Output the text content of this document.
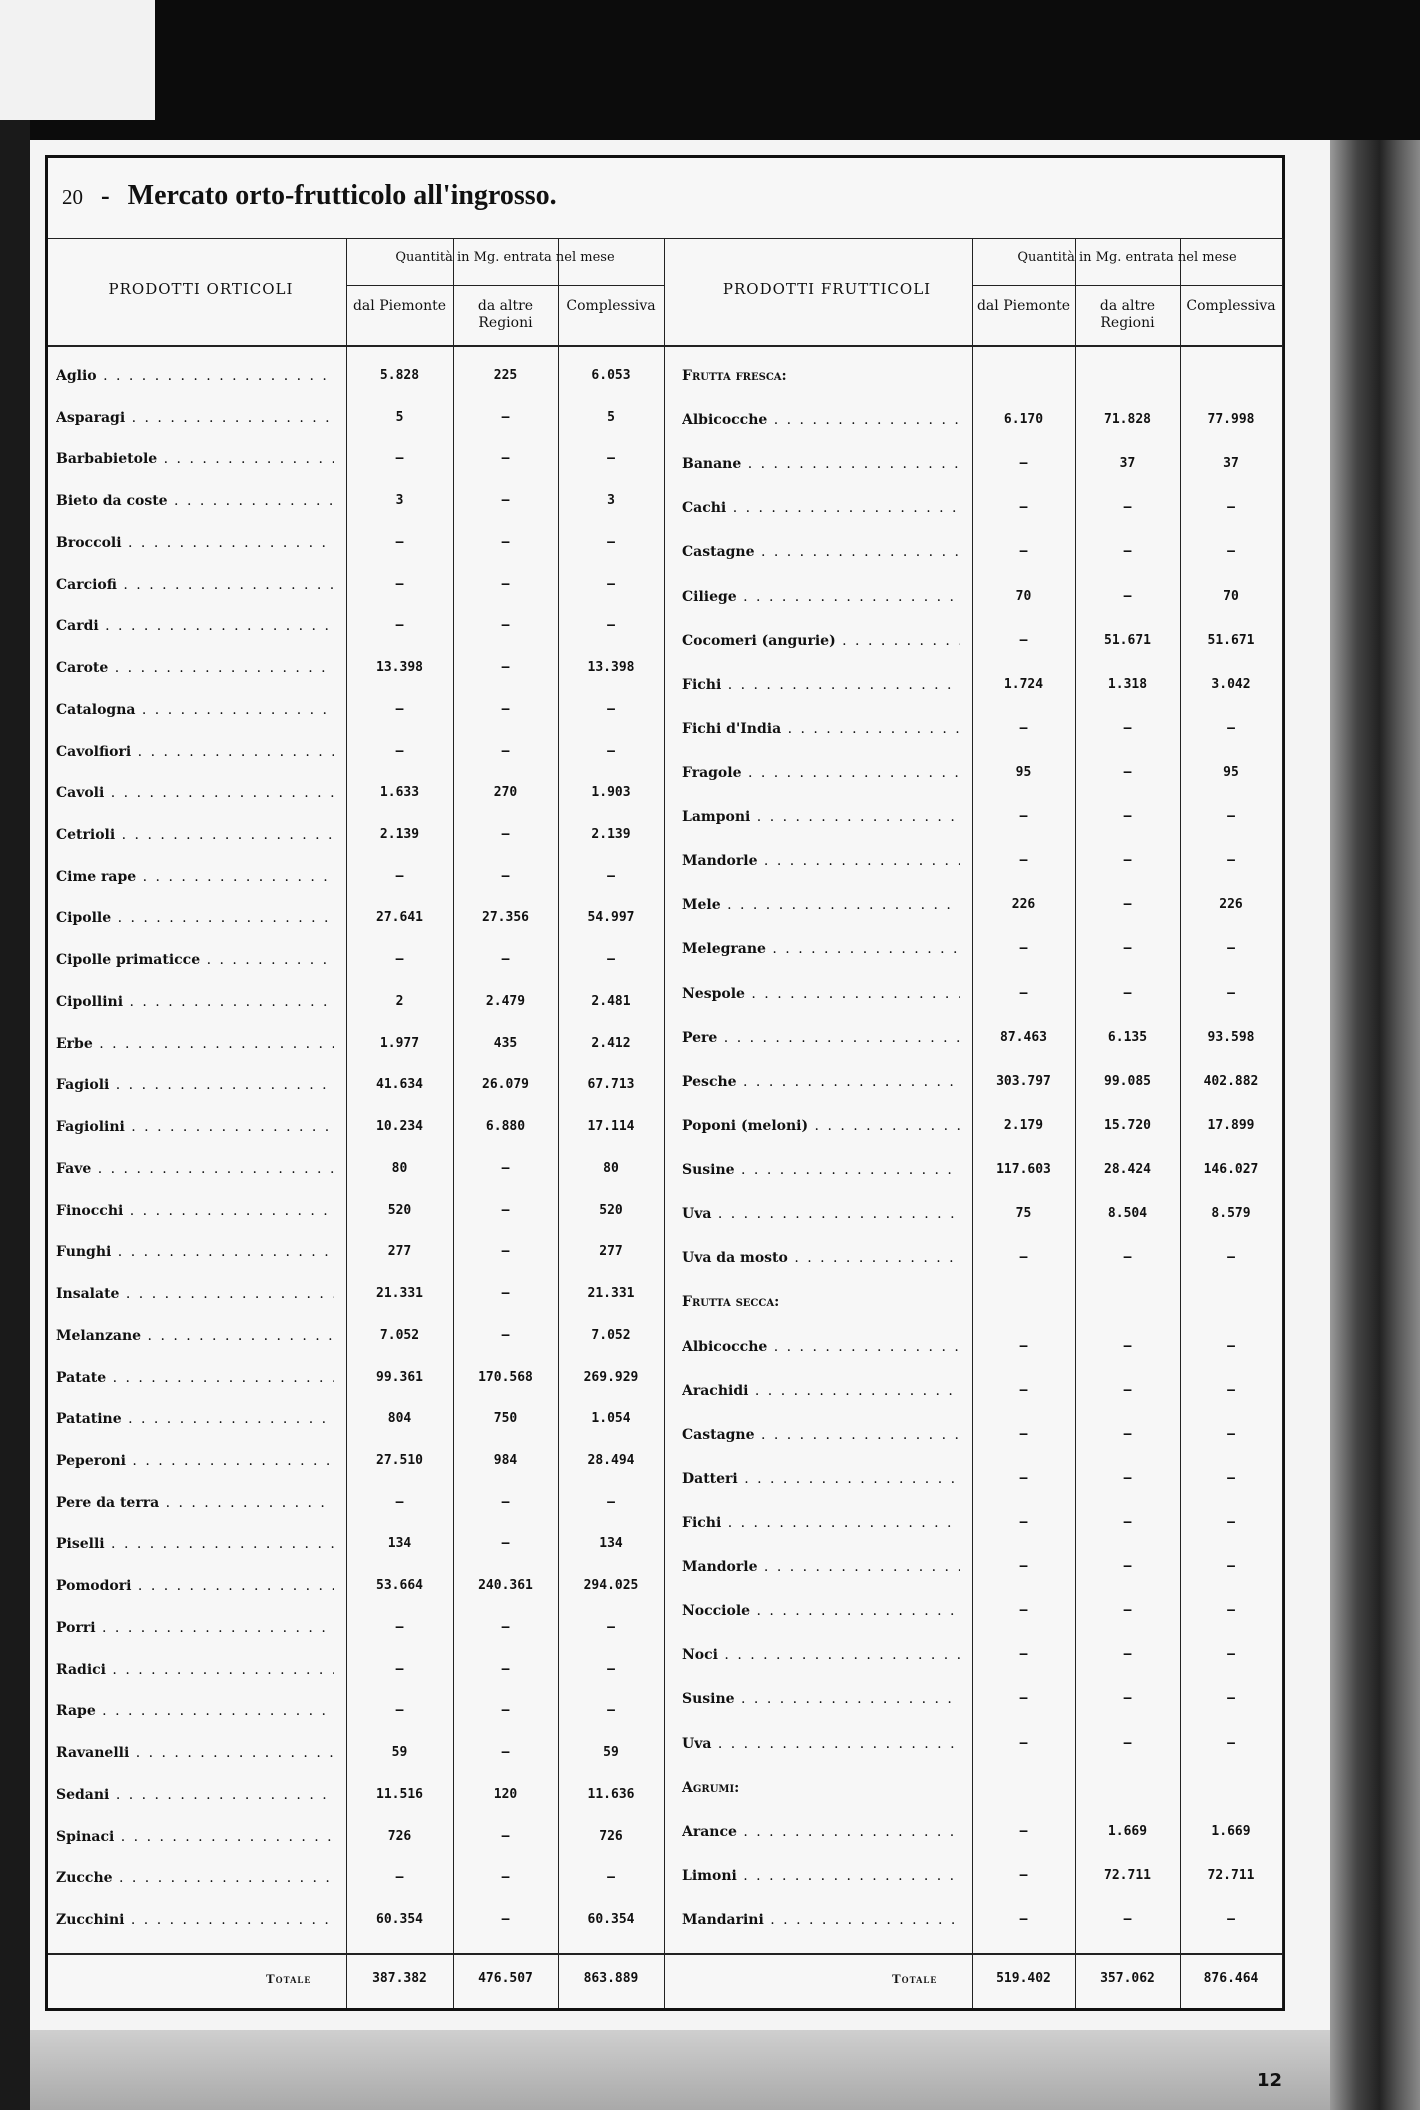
20 - Mercato orto-frutticolo all'ingrosso.
PRODOTTI ORTICOLI
Quantità in Mg. entrata nel mese
dal Piemonte	da altre Regioni
Complessiva
Aglio . . .	5.828	225	6.053
Asparagi . . .	5	—	5
Barbabietole . . .	—	—	—
Bieto da coste . . .	3	—	3
Broccoli . . .	—	—	—
Carciofi . . .	—	—	—
Cardi . . .	—	—	—
Carote . . .	13.398	—	13.398
Catalogna . . .	—	—	—
Cavolfiori . . .	—	—	—
Cavoli . . .	1.633	270	1.903
Cetrioli . . .	2.139	—	2.139
Cime rape . . .	—	—	—
Cipolle . . .	27.641	27.356	54.997
Cipolle primaticce . . .	—	—	—
Cipollini . . .	2	2.479	2.481
Erbe . . .	1.977	435	2.412
Fagioli . . .	41.634	26.079	67.713
Fagiolini . . .	10.234	6.880	17.114
Fave . . .	80	—	80
Finocchi . . .	520	—	520
Funghi . . .	277	—	277
Insalate . . .	21.331	—	21.331
Melanzane . . .	7.052	—	7.052
Patate . . .	99.361	170.568	269.929
Patatine . . .	804	750	1.054
Peperoni . . .	27.510	984	28.494
Pere da terra . . .	—	—	—
Piselli . . .	134	—	134
Pomodori . . .	53.664	240.361	294.025
Porri . . .	—	—	—
Radici . . .	—	—	—
Rape . . .	—	—	—
Ravanelli . . .	59	—	59
Sedani . . .	11.516	120	11.636
Spinaci . . .	726	—	726
Zucche . . .	—	—	—
Zucchini . . .	60.354	—	60.354
Totale	387.382	476.507	863.889
PRODOTTI FRUTTICOLI
Quantità in Mg. entrata nel mese
dal Piemonte	da altre Regioni
Complessiva
Frutta fresca:
Albicocche . . .	6.170	71.828	77.998
Banane . . .	—	37	37
Cachi . . .	—	—	—
Castagne . . .	—	—	—
Ciliege . . .	70	—	70
Cocomeri (angurie) . . .	—	51.671	51.671
Fichi . . .	1.724	1.318	3.042
Fichi d'India . . .	—	—	—
Fragole . . .	95	—	95
Lamponi . . .	—	—	—
Mandorle . . .	—	—	—
Mele . . .	226	—	226
Melegrane . . .	—	—	—
Nespole . . .	—	—	—
Pere . . .	87.463	6.135	93.598
Pesche . . .	303.797	99.085	402.882
Poponi (meloni) . . .	2.179	15.720	17.899
Susine . . .	117.603	28.424	146.027
Uva . . .	75	8.504	8.579
Uva da mosto . . .	—	—	—
Frutta secca:
Albicocche . . .	—	—	—
Arachidi . . .	—	—	—
Castagne . . .	—	—	—
Datteri . . .	—	—	—
Fichi . . .	—	—	—
Mandorle . . .	—	—	—
Nocciole . . .	—	—	—
Noci . . .	—	—	—
Susine . . .	—	—	—
Uva . . .	—	—	—
Agrumi:
Arance . . .	—	1.669	1.669
Limoni . . .	—	72.711	72.711
Mandarini . . .	—	—	—
Totale	519.402	357.062	876.464
12
